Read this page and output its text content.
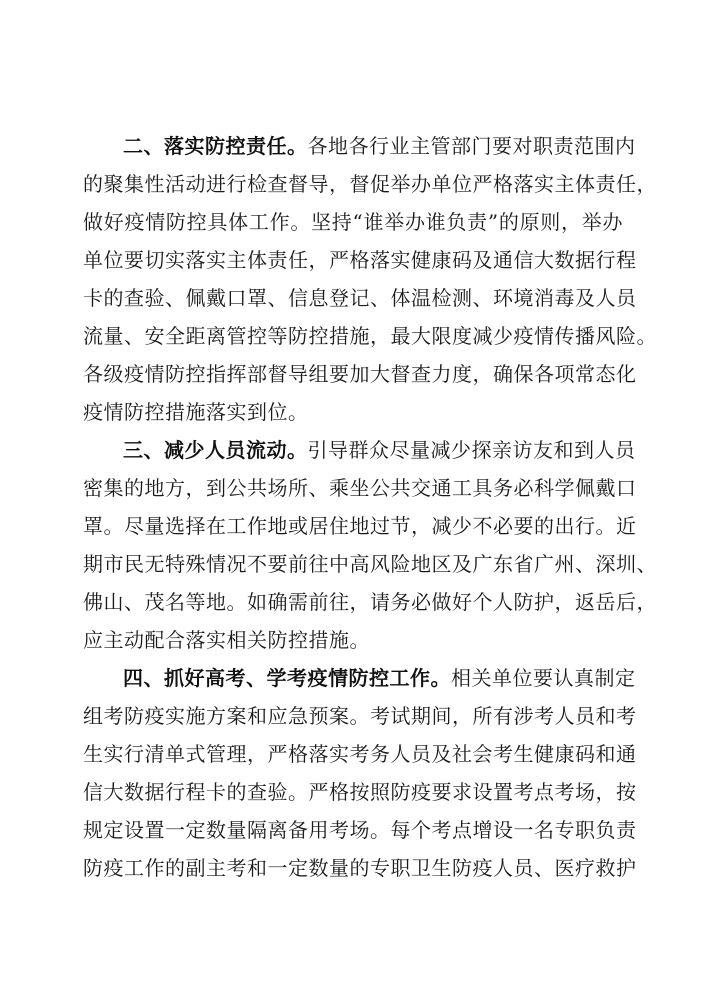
二、落实防控责任。各地各行业主管部门要对职责范围内
的聚集性活动进行检查督导，督促举办单位严格落实主体责任，
做好疫情防控具体工作。坚持“谁举办谁负责”的原则，举办
单位要切实落实主体责任，严格落实健康码及通信大数据行程
卡的查验、佩戴口罩、信息登记、体温检测、环境消毒及人员
流量、安全距离管控等防控措施，最大限度减少疫情传播风险。
各级疫情防控指挥部督导组要加大督查力度，确保各项常态化
疫情防控措施落实到位。
三、减少人员流动。引导群众尽量减少探亲访友和到人员
密集的地方，到公共场所、乘坐公共交通工具务必科学佩戴口
罩。尽量选择在工作地或居住地过节，减少不必要的出行。近
期市民无特殊情况不要前往中高风险地区及广东省广州、深圳、
佛山、茂名等地。如确需前往，请务必做好个人防护，返岳后，
应主动配合落实相关防控措施。
四、抓好高考、学考疫情防控工作。相关单位要认真制定
组考防疫实施方案和应急预案。考试期间，所有涉考人员和考
生实行清单式管理，严格落实考务人员及社会考生健康码和通
信大数据行程卡的查验。严格按照防疫要求设置考点考场，按
规定设置一定数量隔离备用考场。每个考点增设一名专职负责
防疫工作的副主考和一定数量的专职卫生防疫人员、医疗救护
